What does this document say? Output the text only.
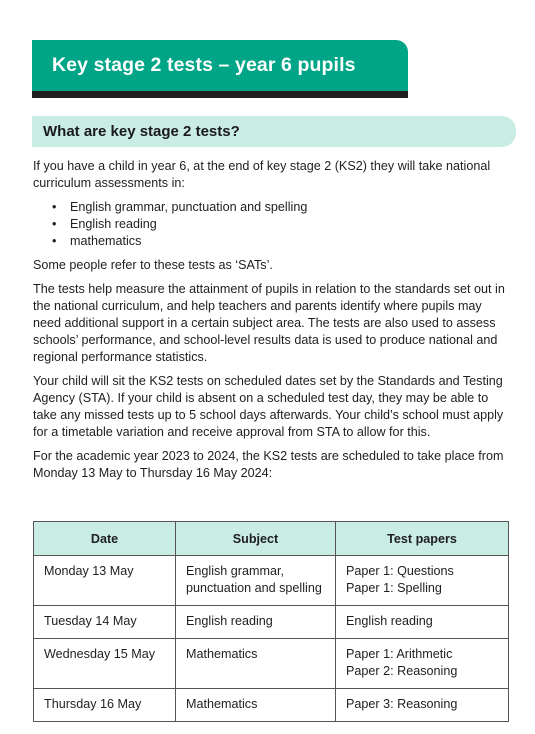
Key stage 2 tests – year 6 pupils
What are key stage 2 tests?

If you have a child in year 6, at the end of key stage 2 (KS2) they will take national curriculum assessments in:

• English grammar, punctuation and spelling
• English reading
• mathematics

Some people refer to these tests as ‘SATs’.

The tests help measure the attainment of pupils in relation to the standards set out in the national curriculum, and help teachers and parents identify where pupils may need additional support in a certain subject area. The tests are also used to assess schools’ performance, and school-level results data is used to produce national and regional performance statistics.

Your child will sit the KS2 tests on scheduled dates set by the Standards and Testing Agency (STA). If your child is absent on a scheduled test day, they may be able to take any missed tests up to 5 school days afterwards. Your child’s school must apply for a timetable variation and receive approval from STA to allow for this.

For the academic year 2023 to 2024, the KS2 tests are scheduled to take place from Monday 13 May to Thursday 16 May 2024:

Date	Subject	Test papers
Monday 13 May	English grammar, punctuation and spelling	Paper 1: Questions
Paper 1: Spelling

Tuesday 14 May	English reading	English reading

Wednesday 15 May	Mathematics	Paper 1: Arithmetic
Paper 2: Reasoning

Thursday 16 May	Mathematics	Paper 3: Reasoning
